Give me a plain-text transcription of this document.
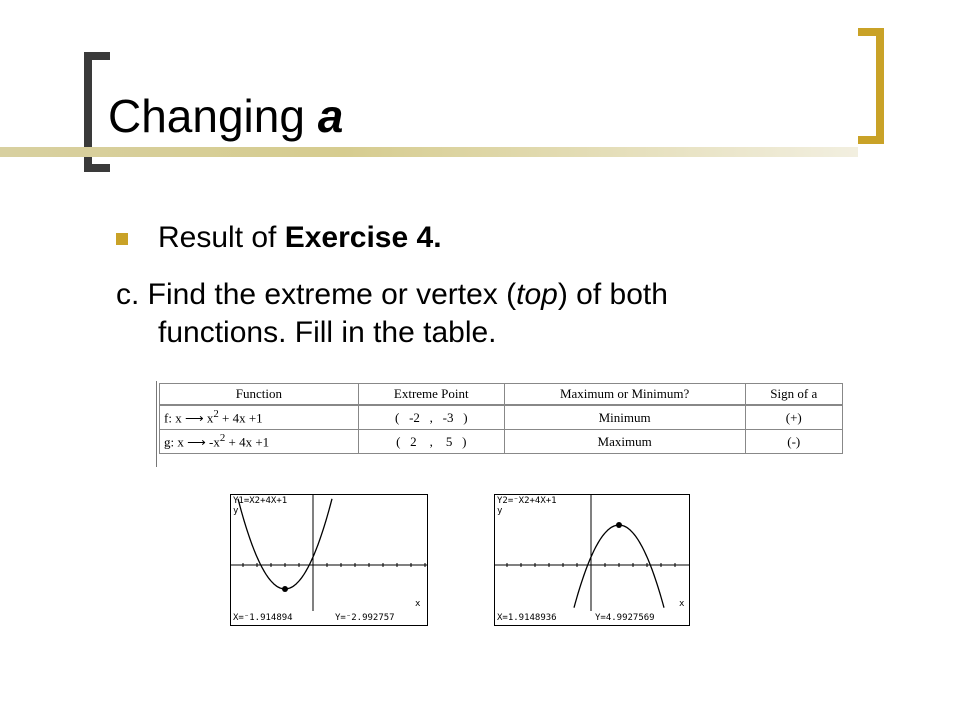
Changing a
Result of Exercise 4.
c. Find the extreme or vertex (top) of both
functions. Fill in the table.
Function	Extreme Point	Maximum or Minimum?	Sign of a
f: x ⟶ $x^2 + 4x +1$	(   -2   ,   -3   )	Minimum	(+)
g: x ⟶ $-x^2 + 4x +1$	(   2    ,    5   )	Maximum	(-)
Y1=X2+4X+1
y
x
X=⁻1.914894	Y=⁻2.992757
Y2=⁻X2+4X+1
y
x
X=1.9148936	Y=4.9927569
